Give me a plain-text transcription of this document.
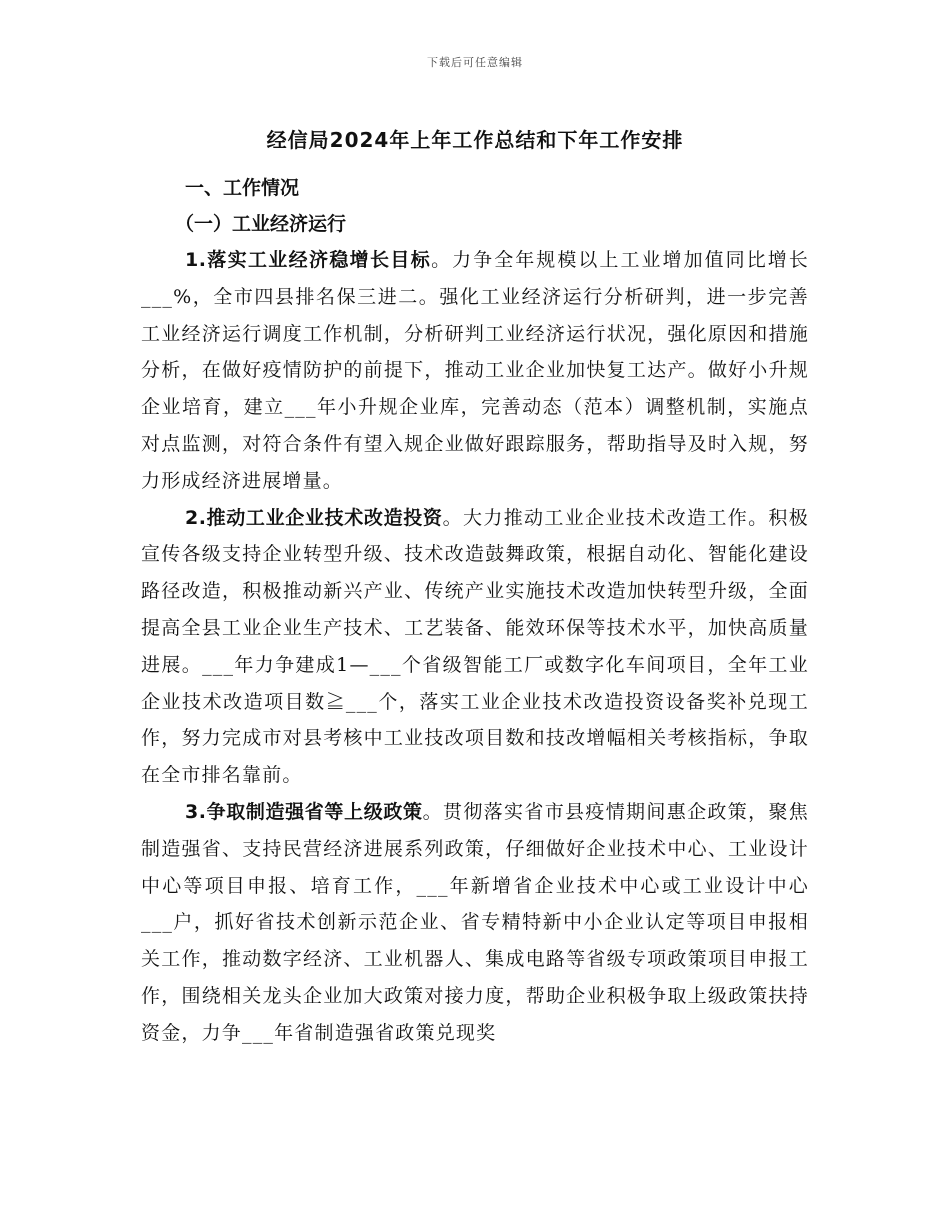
下载后可任意编辑
经信局2024年上年工作总结和下年工作安排
一、工作情况
（一）工业经济运行

1.落实工业经济稳增长目标。力争全年规模以上工业增加值同比增长___%，全市四县排名保三进二。强化工业经济运行分析研判，进一步完善工业经济运行调度工作机制，分析研判工业经济运行状况，强化原因和措施分析，在做好疫情防护的前提下，推动工业企业加快复工达产。做好小升规企业培育，建立___年小升规企业库，完善动态（范本）调整机制，实施点对点监测，对符合条件有望入规企业做好跟踪服务，帮助指导及时入规，努力形成经济进展增量。

2.推动工业企业技术改造投资。大力推动工业企业技术改造工作。积极宣传各级支持企业转型升级、技术改造鼓舞政策，根据自动化、智能化建设路径改造，积极推动新兴产业、传统产业实施技术改造加快转型升级，全面提高全县工业企业生产技术、工艺装备、能效环保等技术水平，加快高质量进展。___年力争建成1—___个省级智能工厂或数字化车间项目，全年工业企业技术改造项目数≧___个，落实工业企业技术改造投资设备奖补兑现工作，努力完成市对县考核中工业技改项目数和技改增幅相关考核指标，争取在全市排名靠前。

3.争取制造强省等上级政策。贯彻落实省市县疫情期间惠企政策，聚焦制造强省、支持民营经济进展系列政策，仔细做好企业技术中心、工业设计中心等项目申报、培育工作，___年新增省企业技术中心或工业设计中心___户，抓好省技术创新示范企业、省专精特新中小企业认定等项目申报相关工作，推动数字经济、工业机器人、集成电路等省级专项政策项目申报工作，围绕相关龙头企业加大政策对接力度，帮助企业积极争取上级政策扶持资金，力争___年省制造强省政策兑现奖
